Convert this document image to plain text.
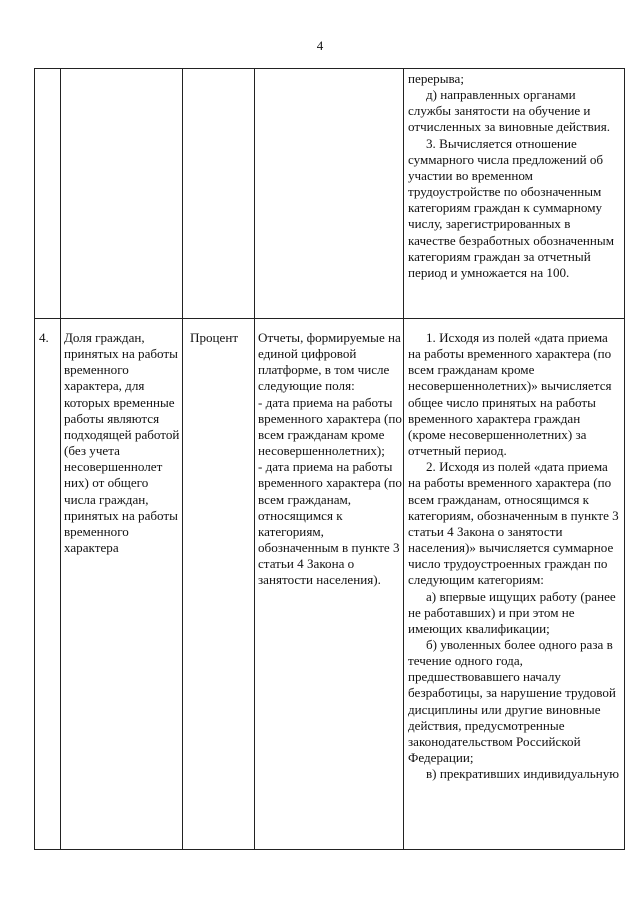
4

перерыва;

д) направленных органами службы занятости на обучение и отчисленных за виновные действия.

3. Вычисляется отношение суммарного числа предложений об участии во временном трудоустройстве по обозначенным категориям граждан к суммарному числу, зарегистрированных в качестве безработных обозначенным категориям граждан за отчетный период и умножается на 100.

4.	Доля граждан, принятых на работы временного характера, для которых временные работы являются подходящей работой (без учета несовершеннолет них) от общего числа граждан, принятых на работы временного характера
Процент	Отчеты, формируемые на единой цифровой платформе, в том числе следующие поля:

- дата приема на работы временного характера (по всем гражданам кроме несовершеннолетних);

- дата приема на работы временного характера (по всем гражданам, относящимся к категориям, обозначенным в пункте 3 статьи 4 Закона о занятости населения).

1. Исходя из полей «дата приема на работы временного характера (по всем гражданам кроме несовершеннолетних)» вычисляется общее число принятых на работы временного характера граждан (кроме несовершеннолетних) за отчетный период.

2. Исходя из полей «дата приема на работы временного характера (по всем гражданам, относящимся к категориям, обозначенным в пункте 3 статьи 4 Закона о занятости населения)» вычисляется суммарное число трудоустроенных граждан по следующим категориям:

а) впервые ищущих работу (ранее не работавших) и при этом не имеющих квалификации;

б) уволенных более одного раза в течение одного года, предшествовавшего началу безработицы, за нарушение трудовой дисциплины или другие виновные действия, предусмотренные законодательством Российской Федерации;

в) прекративших индивидуальную
